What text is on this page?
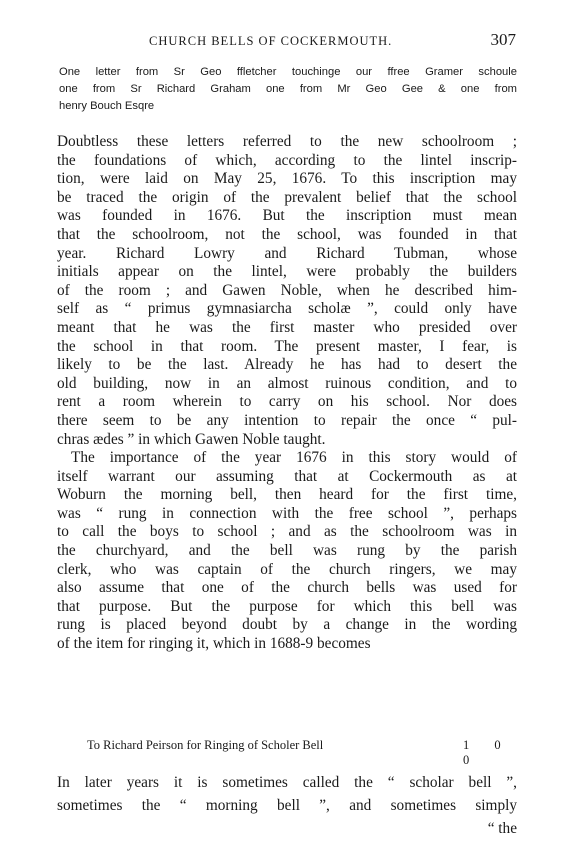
CHURCH BELLS OF COCKERMOUTH.	307
One letter from Sr Geo ffletcher touchinge our ffree Gramer schoule
one from Sr Richard Graham one from Mr Geo Gee & one from
henry Bouch Esqre
Doubtless these letters referred to the new schoolroom ;
the foundations of which, according to the lintel inscrip-
tion, were laid on May 25, 1676. To this inscription may
be traced the origin of the prevalent belief that the school
was founded in 1676. But the inscription must mean
that the schoolroom, not the school, was founded in that
year. Richard Lowry and Richard Tubman, whose
initials appear on the lintel, were probably the builders
of the room ; and Gawen Noble, when he described him-
self as “ primus gymnasiarcha scholæ ”, could only have
meant that he was the first master who presided over
the school in that room. The present master, I fear, is
likely to be the last. Already he has had to desert the
old building, now in an almost ruinous condition, and to
rent a room wherein to carry on his school. Nor does
there seem to be any intention to repair the once “ pul-
chras ædes ” in which Gawen Noble taught.
The importance of the year 1676 in this story would of
itself warrant our assuming that at Cockermouth as at
Woburn the morning bell, then heard for the first time,
was “ rung in connection with the free school ”, perhaps
to call the boys to school ; and as the schoolroom was in
the churchyard, and the bell was rung by the parish
clerk, who was captain of the church ringers, we may
also assume that one of the church bells was used for
that purpose. But the purpose for which this bell was
rung is placed beyond doubt by a change in the wording
of the item for ringing it, which in 1688-9 becomes
To Richard Peirson for Ringing of Scholer Bell	1 0 0
In later years it is sometimes called the “ scholar bell ”,
sometimes the “ morning bell ”, and sometimes simply
“ the
